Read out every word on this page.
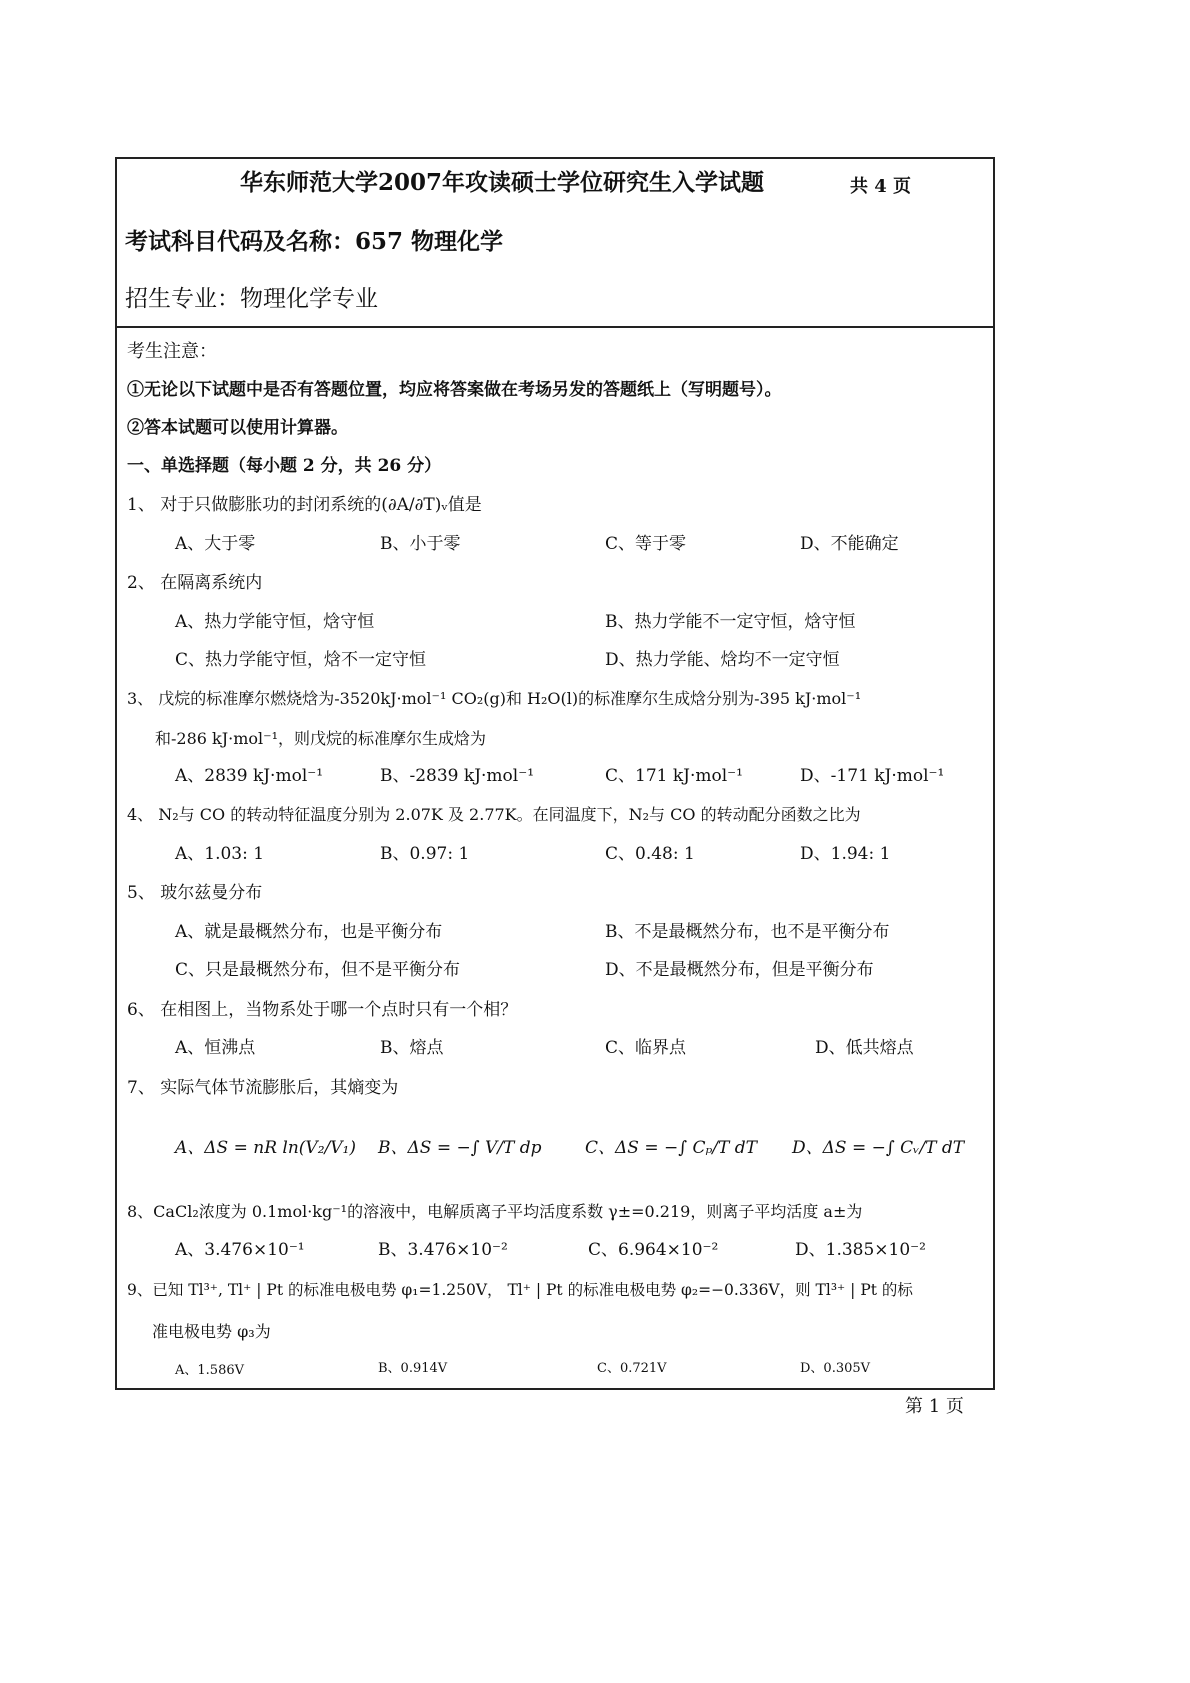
华东师范大学2007年攻读硕士学位研究生入学试题	共 4 页
考试科目代码及名称：657 物理化学
招生专业：物理化学专业
考生注意：
①无论以下试题中是否有答题位置，均应将答案做在考场另发的答题纸上（写明题号）。
②答本试题可以使用计算器。
一、单选择题（每小题 2 分，共 26 分）
1、 对于只做膨胀功的封闭系统的(∂A/∂T)ᵥ值是
A、大于零	B、小于零	C、等于零	D、不能确定
2、 在隔离系统内
A、热力学能守恒，焓守恒	B、热力学能不一定守恒，焓守恒
C、热力学能守恒，焓不一定守恒	D、热力学能、焓均不一定守恒
3、 戊烷的标准摩尔燃烧焓为-3520kJ·mol⁻¹ CO₂(g)和 H₂O(l)的标准摩尔生成焓分别为-395 kJ·mol⁻¹
和-286 kJ·mol⁻¹，则戊烷的标准摩尔生成焓为
A、2839 kJ·mol⁻¹	B、-2839 kJ·mol⁻¹	C、171 kJ·mol⁻¹	D、-171 kJ·mol⁻¹
4、 N₂与 CO 的转动特征温度分别为 2.07K 及 2.77K。在同温度下，N₂与 CO 的转动配分函数之比为
A、1.03: 1	B、0.97: 1	C、0.48: 1	D、1.94: 1
5、 玻尔兹曼分布
A、就是最概然分布，也是平衡分布	B、不是最概然分布，也不是平衡分布
C、只是最概然分布，但不是平衡分布	D、不是最概然分布，但是平衡分布
6、 在相图上，当物系处于哪一个点时只有一个相？
A、恒沸点	B、熔点	C、临界点	D、低共熔点
7、 实际气体节流膨胀后，其熵变为
A、ΔS = nR ln(V₂/V₁) B、ΔS = −∫ V/T dp	C、ΔS = −∫ Cₚ/T dT D、ΔS = −∫ Cᵥ/T dT
8、CaCl₂浓度为 0.1mol·kg⁻¹的溶液中，电解质离子平均活度系数 γ±=0.219，则离子平均活度 a±为
A、3.476×10⁻¹	B、3.476×10⁻²	C、6.964×10⁻²	D、1.385×10⁻²
9、已知 Tl³⁺, Tl⁺ | Pt 的标准电极电势 φ₁=1.250V， Tl⁺ | Pt 的标准电极电势 φ₂=−0.336V，则 Tl³⁺ | Pt 的标
准电极电势 φ₃为
A、1.586V	B、0.914V	C、0.721V	D、0.305V
第 1 页
